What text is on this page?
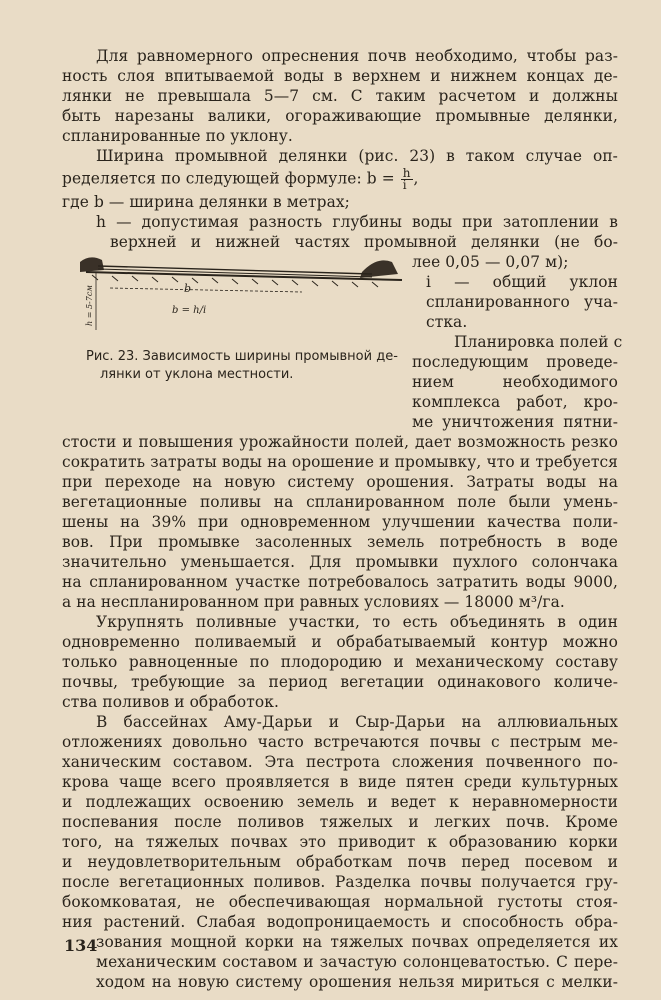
Для равномерного опреснения почв необходимо, чтобы раз-
ность слоя впитываемой воды в верхнем и нижнем концах де-
лянки не превышала 5—7 см. С таким расчетом и должны
быть нарезаны валики, огораживающие промывные делянки,
спланированные по уклону.
Ширина промывной делянки (рис. 23) в таком случае оп-
ределяется по следующей формуле: $b = \frac{h}{i}$ ,
где b — ширина делянки в метрах;
h — допустимая разность глубины воды при затоплении в
верхней и нижней частях промывной делянки (не бо-
лее 0,05 — 0,07 м);
i — общий уклон
спланированного уча-
стка.
Планировка полей с
последующим проведе-
нием необходимого
комплекса работ, кро-
ме уничтожения пятни-
b
b = h/i
h = 5-7см
Рис. 23. Зависимость ширины промывной де-
лянки от уклона местности.
стости и повышения урожайности полей, дает возможность резко
сократить затраты воды на орошение и промывку, что и требуется
при переходе на новую систему орошения. Затраты воды на
вегетационные поливы на спланированном поле были умень-
шены на 39% при одновременном улучшении качества поли-
вов. При промывке засоленных земель потребность в воде
значительно уменьшается. Для промывки пухлого солончака
на спланированном участке потребовалось затратить воды 9000,
а на неспланированном при равных условиях — 18000 м³/га.
Укрупнять поливные участки, то есть объединять в один
одновременно поливаемый и обрабатываемый контур можно
только равноценные по плодородию и механическому составу
почвы, требующие за период вегетации одинакового количе-
ства поливов и обработок.
В бассейнах Аму-Дарьи и Сыр-Дарьи на аллювиальных
отложениях довольно часто встречаются почвы с пестрым ме-
ханическим составом. Эта пестрота сложения почвенного по-
крова чаще всего проявляется в виде пятен среди культурных
и подлежащих освоению земель и ведет к неравномерности
поспевания после поливов тяжелых и легких почв. Кроме
того, на тяжелых почвах это приводит к образованию корки
и неудовлетворительным обработкам почв перед посевом и
после вегетационных поливов. Разделка почвы получается гру-
бокомковатая, не обеспечивающая нормальной густоты стоя-
ния растений. Слабая водопроницаемость и способность обра-
зования мощной корки на тяжелых почвах определяется их
механическим составом и зачастую солонцеватостью. С пере-
ходом на новую систему орошения нельзя мириться с мелки-
134
